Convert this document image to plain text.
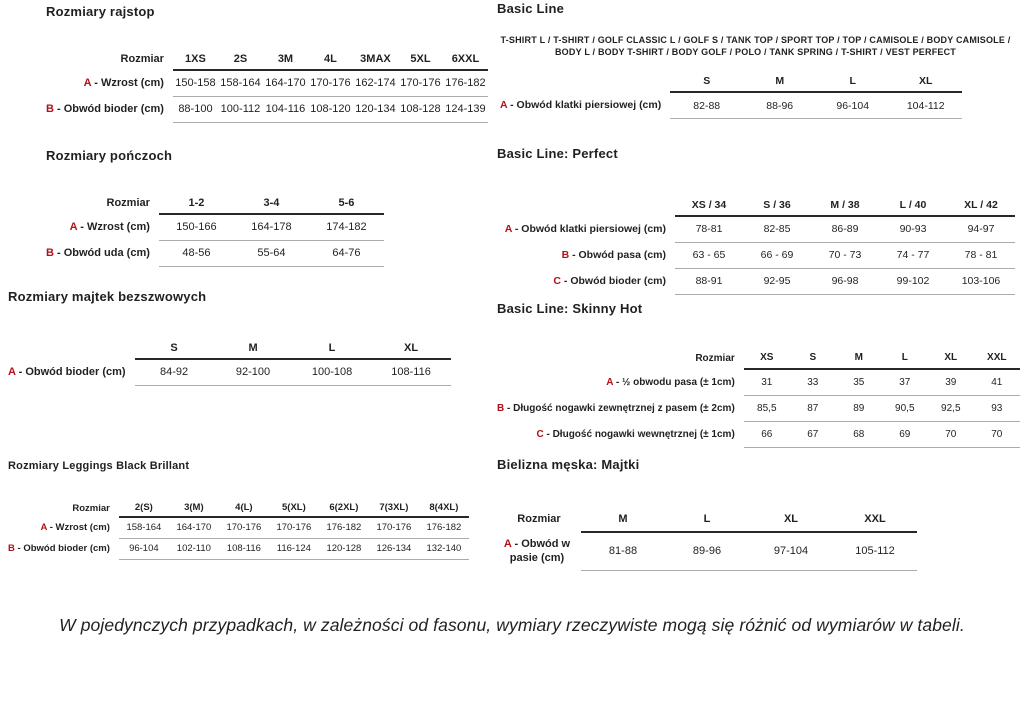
Rozmiary rajstop
Rozmiar	1XS	2S	3M	4L	3MAX	5XL	6XXL
A - Wzrost (cm)	150-158	158-164	164-170	170-176	162-174	170-176	176-182
B - Obwód bioder (cm)	88-100	100-112	104-116	108-120	120-134	108-128	124-139
Rozmiary pończoch
Rozmiar	1-2	3-4	5-6
A - Wzrost (cm)	150-166	164-178	174-182
B - Obwód uda (cm)	48-56	55-64	64-76
Rozmiary majtek bezszwowych
	S	M	L	XL
A - Obwód bioder (cm)	84-92	92-100	100-108	108-116
Rozmiary Leggings Black Brillant
Rozmiar	2(S)	3(M)	4(L)	5(XL)	6(2XL)	7(3XL)	8(4XL)
A - Wzrost (cm)	158-164	164-170	170-176	170-176	176-182	170-176	176-182
B - Obwód bioder (cm)	96-104	102-110	108-116	116-124	120-128	126-134	132-140
Basic Line
T-SHIRT L / T-SHIRT / GOLF CLASSIC L / GOLF S / TANK TOP / SPORT TOP / TOP / CAMISOLE / BODY CAMISOLE / BODY L / BODY T-SHIRT / BODY GOLF / POLO / TANK SPRING / T-SHIRT / VEST PERFECT
	S	M	L	XL
A - Obwód klatki piersiowej (cm)	82-88	88-96	96-104	104-112
Basic Line: Perfect
	XS / 34	S / 36	M / 38	L / 40	XL / 42
A - Obwód klatki piersiowej (cm)	78-81	82-85	86-89	90-93	94-97
B - Obwód pasa (cm)	63 - 65	66 - 69	70 - 73	74 - 77	78 - 81
C - Obwód bioder (cm)	88-91	92-95	96-98	99-102	103-106
Basic Line: Skinny Hot
Rozmiar	XS	S	M	L	XL	XXL
A - ½ obwodu pasa (± 1cm)	31	33	35	37	39	41
B - Długość nogawki zewnętrznej z pasem (± 2cm)	85,5	87	89	90,5	92,5	93
C - Długość nogawki wewnętrznej (± 1cm)	66	67	68	69	70	70
Bielizna męska: Majtki
Rozmiar	M	L	XL	XXL
A - Obwód w pasie (cm)	81-88	89-96	97-104	105-112
W pojedynczych przypadkach, w zależności od fasonu, wymiary rzeczywiste mogą się różnić od wymiarów w tabeli.
